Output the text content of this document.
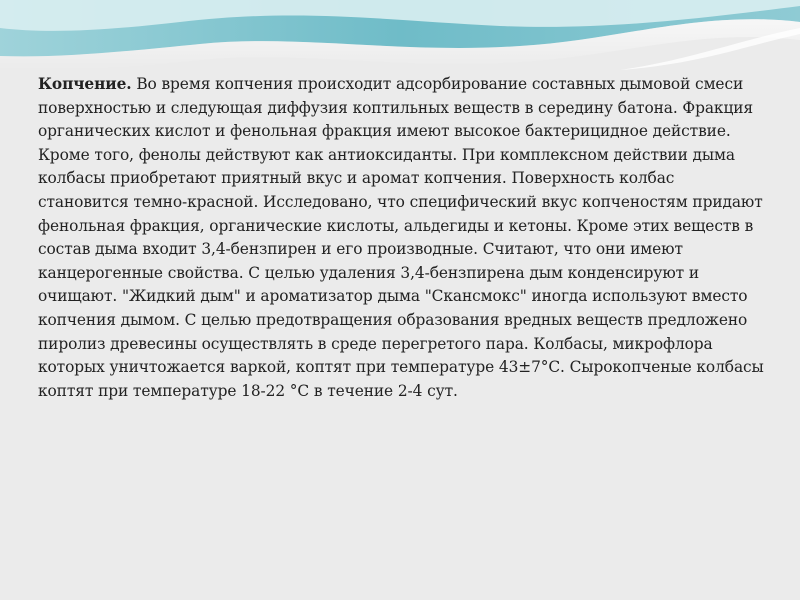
Копчение. Во время копчения происходит адсорбирование составных дымовой смеси поверхностью и следующая диффузия коптильных веществ в середину батона. Фракция органических кислот и фенольная фракция имеют высокое бактерицидное действие. Кроме того, фенолы действуют как антиоксиданты. При комплексном действии дыма колбасы приобретают приятный вкус и аромат копчения. Поверхность колбас становится темно-красной. Исследовано, что специфический вкус копченостям придают фенольная фракция, органические кислоты, альдегиды и кетоны. Кроме этих веществ в состав дыма входит 3,4-бензпирен и его производные. Считают, что они имеют канцерогенные свойства. С целью удаления 3,4-бензпирена дым конденсируют и очищают. "Жидкий дым" и ароматизатор дыма "Скансмокс" иногда используют вместо копчения дымом. С целью предотвращения образования вредных веществ предложено пиролиз древесины осуществлять в среде перегретого пара. Колбасы, микрофлора которых уничтожается варкой, коптят при температуре 43±7°С. Сырокопченые колбасы коптят при температуре 18-22 °С в течение 2-4 сут.
